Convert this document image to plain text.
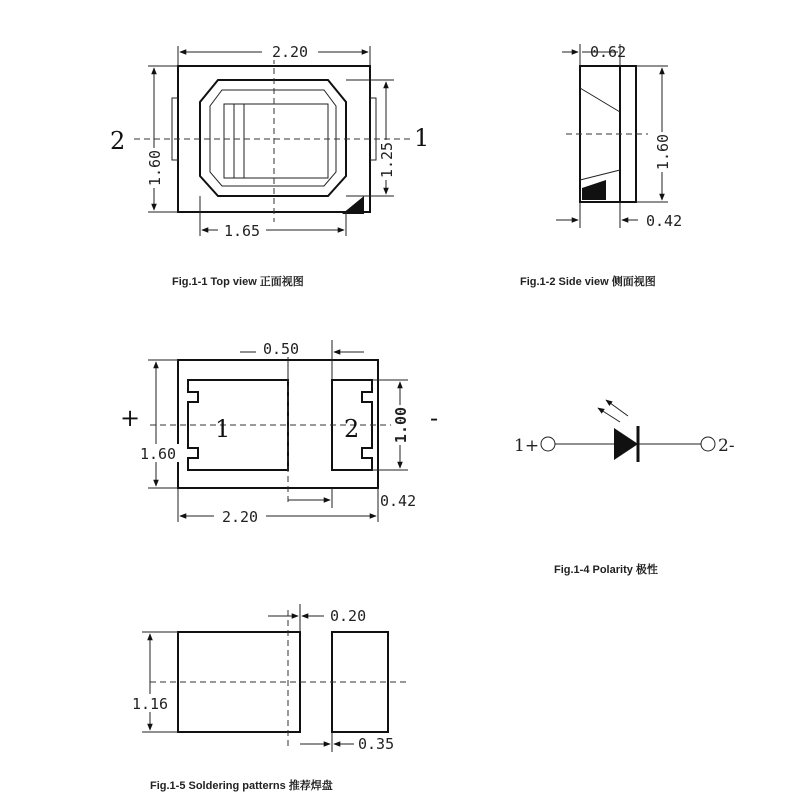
2.20
1.60	1.25
1.65
2	1
Fig.1-1 Top view 正面视图
0.62
1.60
0.42
Fig.1-2 Side view 侧面视图
0.50
1.60
1.00
2.20
0.42
1	2
+	-
1+	2-
Fig.1-4 Polarity 极性
0.20
1.16
0.35
Fig.1-5 Soldering patterns 推荐焊盘
